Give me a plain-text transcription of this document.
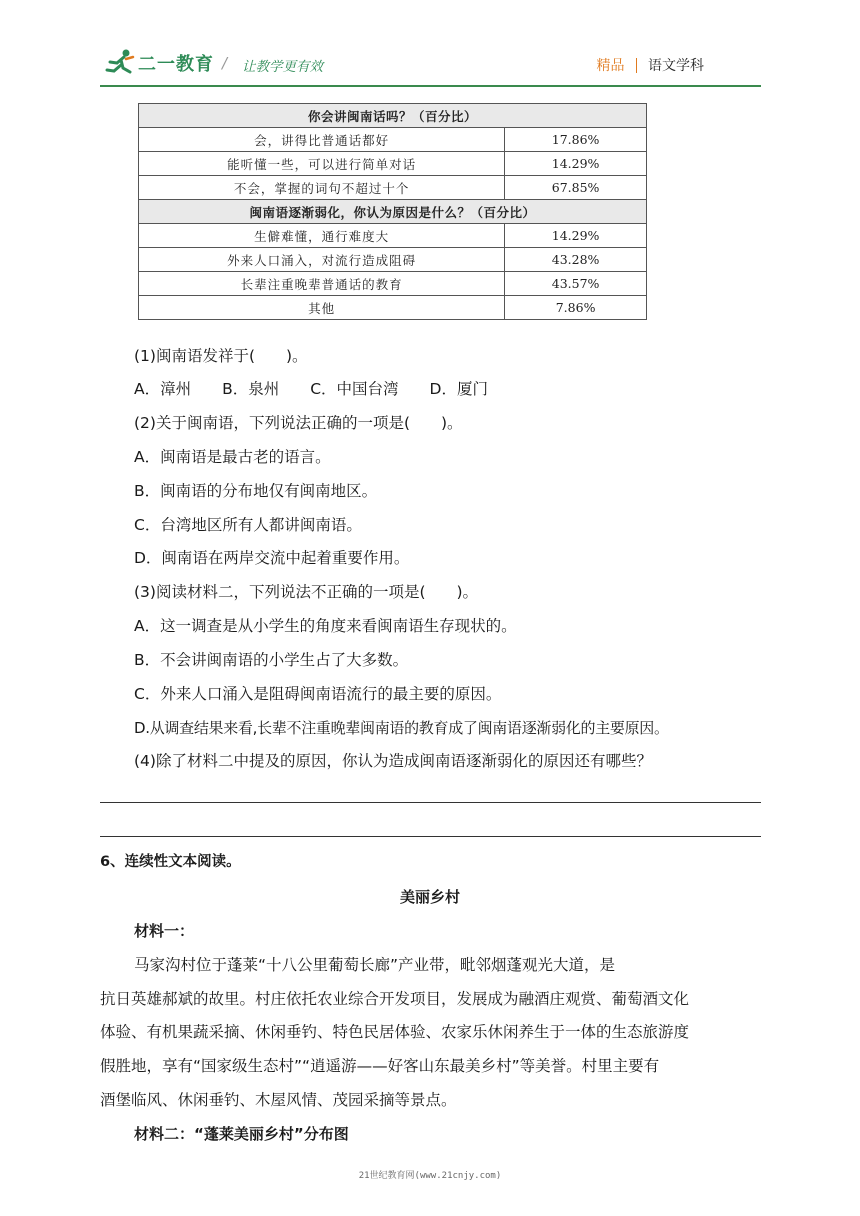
二一教育 / 让教学更有效	精品 语文学科
你会讲闽南话吗？（百分比）	
会，讲得比普通话都好	17.86%
能听懂一些，可以进行简单对话	14.29%
不会，掌握的词句不超过十个	67.85%
闽南语逐渐弱化，你认为原因是什么？（百分比）	
生僻难懂，通行难度大	14.29%
外来人口涌入，对流行造成阻碍	43.28%
长辈注重晚辈普通话的教育	43.57%
其他	7.86%
(1)闽南语发祥于(　　)。
A．漳州　　B．泉州　　C．中国台湾　　D．厦门
(2)关于闽南语，下列说法正确的一项是(　　)。
A．闽南语是最古老的语言。
B．闽南语的分布地仅有闽南地区。
C．台湾地区所有人都讲闽南语。
D．闽南语在两岸交流中起着重要作用。
(3)阅读材料二，下列说法不正确的一项是(　　)。
A．这一调查是从小学生的角度来看闽南语生存现状的。
B．不会讲闽南语的小学生占了大多数。
C．外来人口涌入是阻碍闽南语流行的最主要的原因。
D.从调查结果来看,长辈不注重晚辈闽南语的教育成了闽南语逐渐弱化的主要原因。
(4)除了材料二中提及的原因，你认为造成闽南语逐渐弱化的原因还有哪些？
6、连续性文本阅读。
美丽乡村
材料一：
马家沟村位于蓬莱“十八公里葡萄长廊”产业带，毗邻烟蓬观光大道，是
抗日英雄郝斌的故里。村庄依托农业综合开发项目，发展成为融酒庄观赏、葡萄酒文化
体验、有机果蔬采摘、休闲垂钓、特色民居体验、农家乐休闲养生于一体的生态旅游度
假胜地，享有“国家级生态村”“逍遥游——好客山东最美乡村”等美誉。村里主要有
酒堡临风、休闲垂钓、木屋风情、茂园采摘等景点。
材料二：“蓬莱美丽乡村”分布图
21世纪教育网(www.21cnjy.com)
